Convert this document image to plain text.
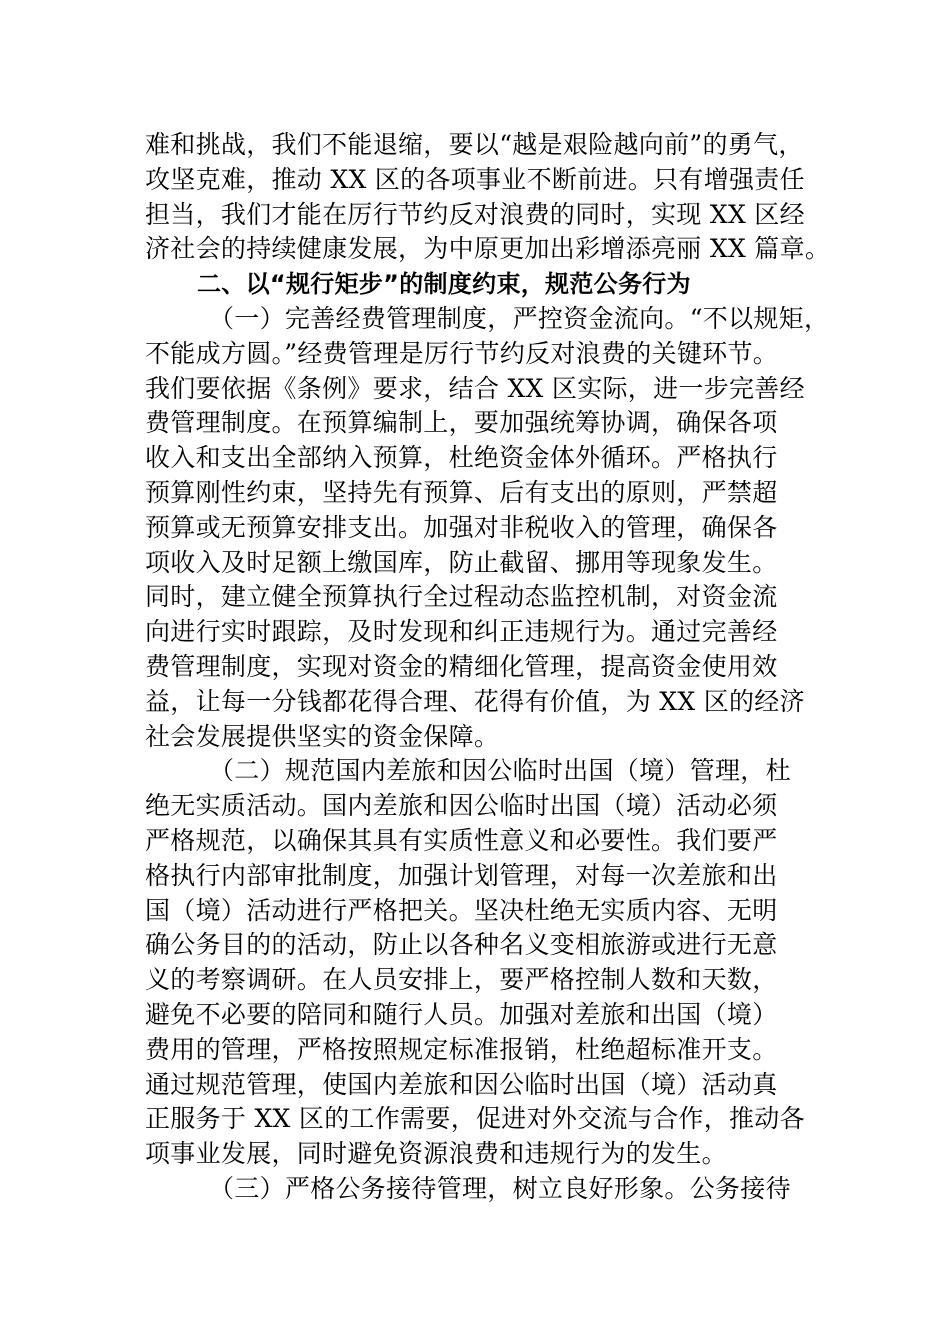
难和挑战，我们不能退缩，要以“越是艰险越向前”的勇气，
攻坚克难，推动 XX 区的各项事业不断前进。只有增强责任
担当，我们才能在厉行节约反对浪费的同时，实现 XX 区经
济社会的持续健康发展，为中原更加出彩增添亮丽 XX 篇章。
二、以“规行矩步”的制度约束，规范公务行为
（一）完善经费管理制度，严控资金流向。“不以规矩，
不能成方圆。”经费管理是厉行节约反对浪费的关键环节。
我们要依据《条例》要求，结合 XX 区实际，进一步完善经
费管理制度。在预算编制上，要加强统筹协调，确保各项
收入和支出全部纳入预算，杜绝资金体外循环。严格执行
预算刚性约束，坚持先有预算、后有支出的原则，严禁超
预算或无预算安排支出。加强对非税收入的管理，确保各
项收入及时足额上缴国库，防止截留、挪用等现象发生。
同时，建立健全预算执行全过程动态监控机制，对资金流
向进行实时跟踪，及时发现和纠正违规行为。通过完善经
费管理制度，实现对资金的精细化管理，提高资金使用效
益，让每一分钱都花得合理、花得有价值，为 XX 区的经济
社会发展提供坚实的资金保障。
（二）规范国内差旅和因公临时出国（境）管理，杜
绝无实质活动。国内差旅和因公临时出国（境）活动必须
严格规范，以确保其具有实质性意义和必要性。我们要严
格执行内部审批制度，加强计划管理，对每一次差旅和出
国（境）活动进行严格把关。坚决杜绝无实质内容、无明
确公务目的的活动，防止以各种名义变相旅游或进行无意
义的考察调研。在人员安排上，要严格控制人数和天数，
避免不必要的陪同和随行人员。加强对差旅和出国（境）
费用的管理，严格按照规定标准报销，杜绝超标准开支。
通过规范管理，使国内差旅和因公临时出国（境）活动真
正服务于 XX 区的工作需要，促进对外交流与合作，推动各
项事业发展，同时避免资源浪费和违规行为的发生。
（三）严格公务接待管理，树立良好形象。公务接待
